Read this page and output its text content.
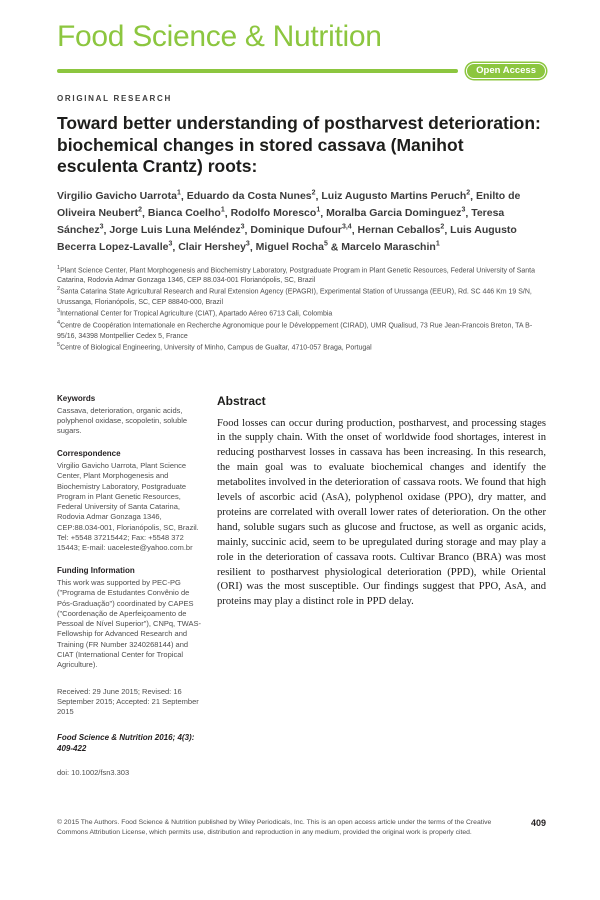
Food Science & Nutrition
Open Access
ORIGINAL RESEARCH
Toward better understanding of postharvest deterioration: biochemical changes in stored cassava (Manihot esculenta Crantz) roots:
Virgilio Gavicho Uarrota$^1$, Eduardo da Costa Nunes$^2$, Luiz Augusto Martins Peruch$^2$, Enilto de Oliveira Neubert$^2$, Bianca Coelho$^1$, Rodolfo Moresco$^1$, Moralba Garcia Dominguez$^3$, Teresa Sánchez$^3$, Jorge Luis Luna Meléndez$^3$, Dominique Dufour$^{3,4}$, Hernan Ceballos$^2$, Luis Augusto Becerra Lopez-Lavalle$^3$, Clair Hershey$^3$, Miguel Rocha$^5$ & Marcelo Maraschin$^1$
$^1$Plant Science Center, Plant Morphogenesis and Biochemistry Laboratory, Postgraduate Program in Plant Genetic Resources, Federal University of Santa Catarina, Rodovia Admar Gonzaga 1346, CEP 88.034-001 Florianópolis, SC, Brazil
$^2$Santa Catarina State Agricultural Research and Rural Extension Agency (EPAGRI), Experimental Station of Urussanga (EEUR), Rd. SC 446 Km 19 S/N, Urussanga, Florianópolis, SC, CEP 88840-000, Brazil
$^3$International Center for Tropical Agriculture (CIAT), Apartado Aéreo 6713 Cali, Colombia
$^4$Centre de Coopération Internationale en Recherche Agronomique pour le Développement (CIRAD), UMR Qualisud, 73 Rue Jean-Francois Breton, TA B-95/16, 34398 Montpellier Cedex 5, France
$^5$Centre of Biological Engineering, University of Minho, Campus de Gualtar, 4710-057 Braga, Portugal
Keywords
Cassava, deterioration, organic acids, polyphenol oxidase, scopoletin, soluble sugars.
Correspondence
Virgilio Gavicho Uarrota, Plant Science Center, Plant Morphogenesis and Biochemistry Laboratory, Postgraduate Program in Plant Genetic Resources, Federal University of Santa Catarina, Rodovia Admar Gonzaga 1346, CEP:88.034-001, Florianópolis, SC, Brazil.
Tel: +5548 37215442; Fax: +5548 372 15443; E-mail: uaceleste@yahoo.com.br
Funding Information
This work was supported by PEC-PG ("Programa de Estudantes Convênio de Pós-Graduação") coordinated by CAPES ("Coordenação de Aperfeiçoamento de Pessoal de Nível Superior"), CNPq, TWAS-Fellowship for Advanced Research and Training (FR Number 3240268144) and CIAT (International Center for Tropical Agriculture).
Received: 29 June 2015; Revised: 16 September 2015; Accepted: 21 September 2015
Food Science & Nutrition 2016; 4(3): 409-422
doi: 10.1002/fsn3.303
Abstract

Food losses can occur during production, postharvest, and processing stages in the supply chain. With the onset of worldwide food shortages, interest in reducing postharvest losses in cassava has been increasing. In this research, the main goal was to evaluate biochemical changes and identify the metabolites involved in the deterioration of cassava roots. We found that high levels of ascorbic acid (AsA), polyphenol oxidase (PPO), dry matter, and proteins are correlated with overall lower rates of deterioration. On the other hand, soluble sugars such as glucose and fructose, as well as organic acids, mainly, succinic acid, seem to be upregulated during storage and may play a role in the deterioration of cassava roots. Cultivar Branco (BRA) was most resilient to postharvest physiological deterioration (PPD), while Oriental (ORI) was the most susceptible. Our findings suggest that PPO, AsA, and proteins may play a distinct role in PPD delay.

© 2015 The Authors. Food Science & Nutrition published by Wiley Periodicals, Inc. This is an open access article under the terms of the Creative Commons Attribution License, which permits use, distribution and reproduction in any medium, provided the original work is properly cited.
409
